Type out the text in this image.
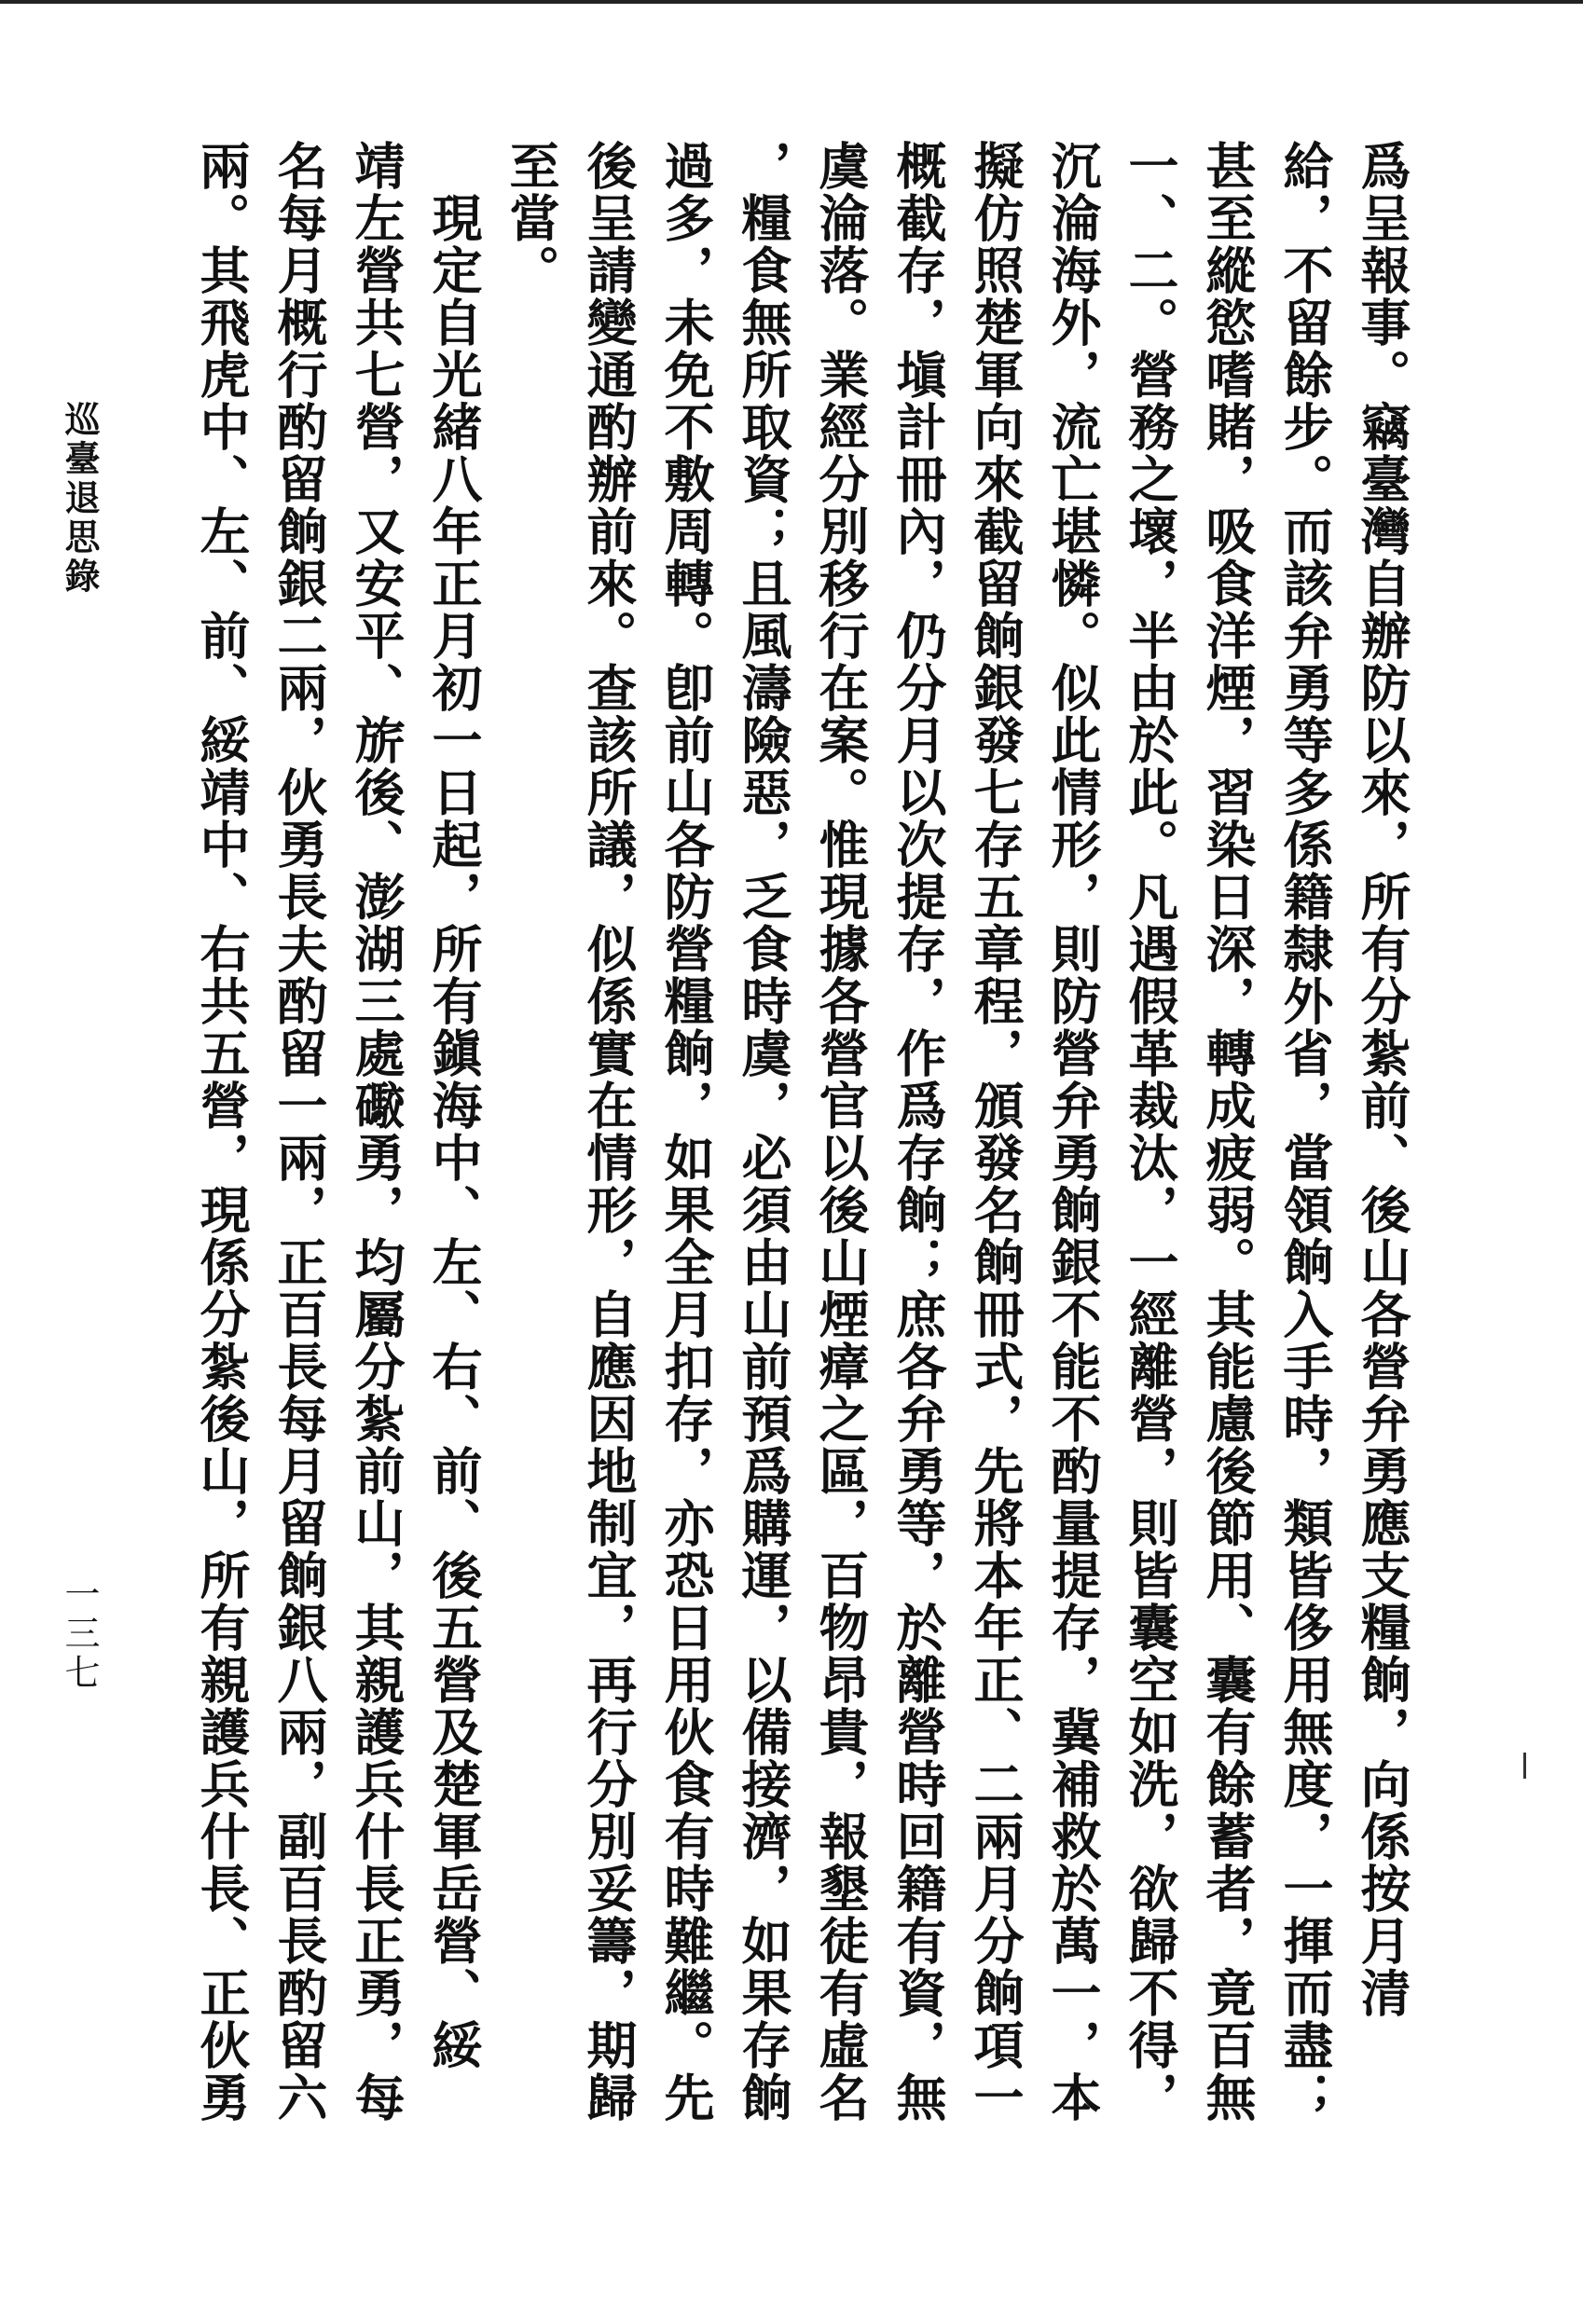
爲呈報事。竊臺灣自辦防以來，所有分紮前、後山各營弁勇應支糧餉，向係按月清
給，不留餘步。而該弁勇等多係籍隸外省，當領餉入手時，類皆侈用無度，一揮而盡；
甚至縱慾嗜賭，吸食洋煙，習染日深，轉成疲弱。其能慮後節用、囊有餘蓄者，竟百無
一、二。營務之壞，半由於此。凡遇假革裁汰，一經離營，則皆囊空如洗，欲歸不得，
沉淪海外，流亡堪憐。似此情形，則防營弁勇餉銀不能不酌量提存，冀補救於萬一，本
擬仿照楚軍向來截留餉銀發七存五章程，頒發名餉冊式，先將本年正、二兩月分餉項一
概截存，塡計冊內，仍分月以次提存，作爲存餉；庶各弁勇等，於離營時回籍有資，無
虞淪落。業經分別移行在案。惟現據各營官以後山煙瘴之區，百物昂貴，報墾徒有虛名
，糧食無所取資；且風濤險惡，乏食時虞，必須由山前預爲購運，以備接濟，如果存餉
過多，未免不敷周轉。卽前山各防營糧餉，如果全月扣存，亦恐日用伙食有時難繼。先
後呈請變通酌辦前來。查該所議，似係實在情形，自應因地制宜，再行分別妥籌，期歸
至當。
　現定自光緒八年正月初一日起，所有鎭海中、左、右、前、後五營及楚軍岳營、綏
靖左營共七營，又安平、旂後、澎湖三處礮勇，均屬分紮前山，其親護兵什長正勇，每
名每月概行酌留餉銀二兩，伙勇長夫酌留一兩，正百長每月留餉銀八兩，副百長酌留六
兩。其飛虎中、左、前、綏靖中、右共五營，現係分紮後山，所有親護兵什長、正伙勇
巡臺退思錄
一三七
